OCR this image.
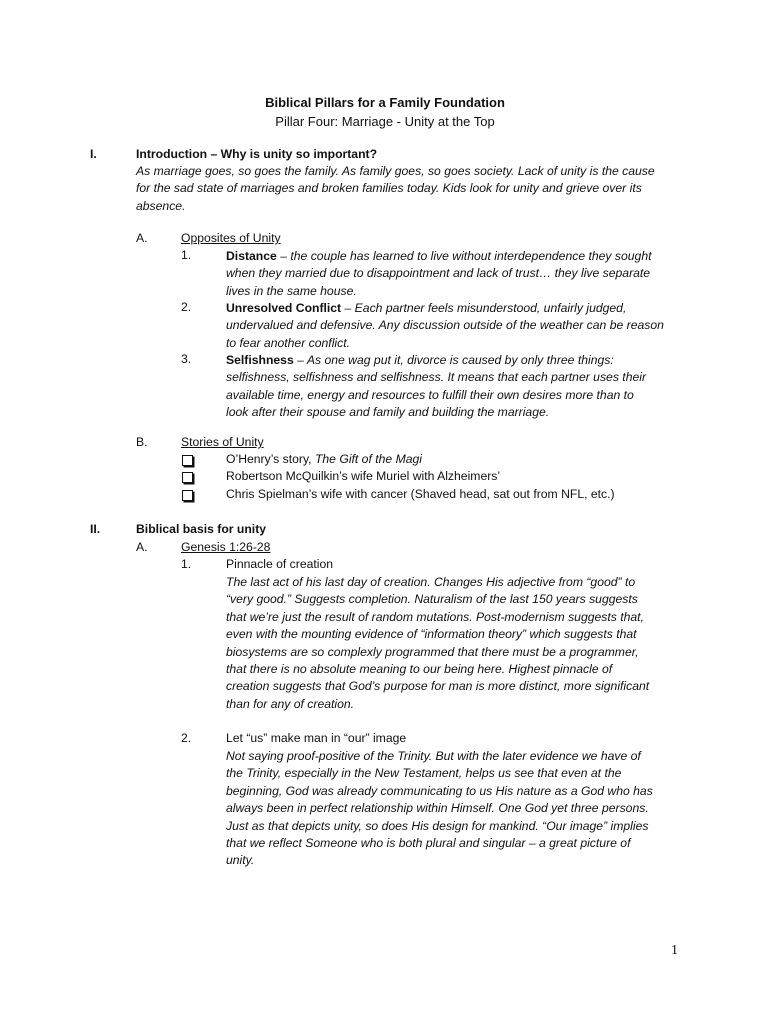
Biblical Pillars for a Family Foundation
Pillar Four: Marriage - Unity at the Top
I.	Introduction – Why is unity so important?
As marriage goes, so goes the family. As family goes, so goes society. Lack of unity is the cause
for the sad state of marriages and broken families today. Kids look for unity and grieve over its
absence.
A.	Opposites of Unity
1.	Distance – the couple has learned to live without interdependence they sought
when they married due to disappointment and lack of trust… they live separate
lives in the same house.
2.	Unresolved Conflict – Each partner feels misunderstood, unfairly judged,
undervalued and defensive. Any discussion outside of the weather can be reason
to fear another conflict.
3.	Selfishness – As one wag put it, divorce is caused by only three things:
selfishness, selfishness and selfishness. It means that each partner uses their
available time, energy and resources to fulfill their own desires more than to
look after their spouse and family and building the marriage.
B.	Stories of Unity
O’Henry’s story, The Gift of the Magi
Robertson McQuilkin’s wife Muriel with Alzheimers’
Chris Spielman’s wife with cancer (Shaved head, sat out from NFL, etc.)
II.	Biblical basis for unity
A.	Genesis 1:26-28
1.	Pinnacle of creation
The last act of his last day of creation. Changes His adjective from “good” to
“very good.” Suggests completion. Naturalism of the last 150 years suggests
that we’re just the result of random mutations. Post-modernism suggests that,
even with the mounting evidence of “information theory” which suggests that
biosystems are so complexly programmed that there must be a programmer,
that there is no absolute meaning to our being here. Highest pinnacle of
creation suggests that God’s purpose for man is more distinct, more significant
than for any of creation.
2.	Let “us” make man in “our” image
Not saying proof-positive of the Trinity. But with the later evidence we have of
the Trinity, especially in the New Testament, helps us see that even at the
beginning, God was already communicating to us His nature as a God who has
always been in perfect relationship within Himself. One God yet three persons.
Just as that depicts unity, so does His design for mankind. “Our image” implies
that we reflect Someone who is both plural and singular – a great picture of
unity.
1
